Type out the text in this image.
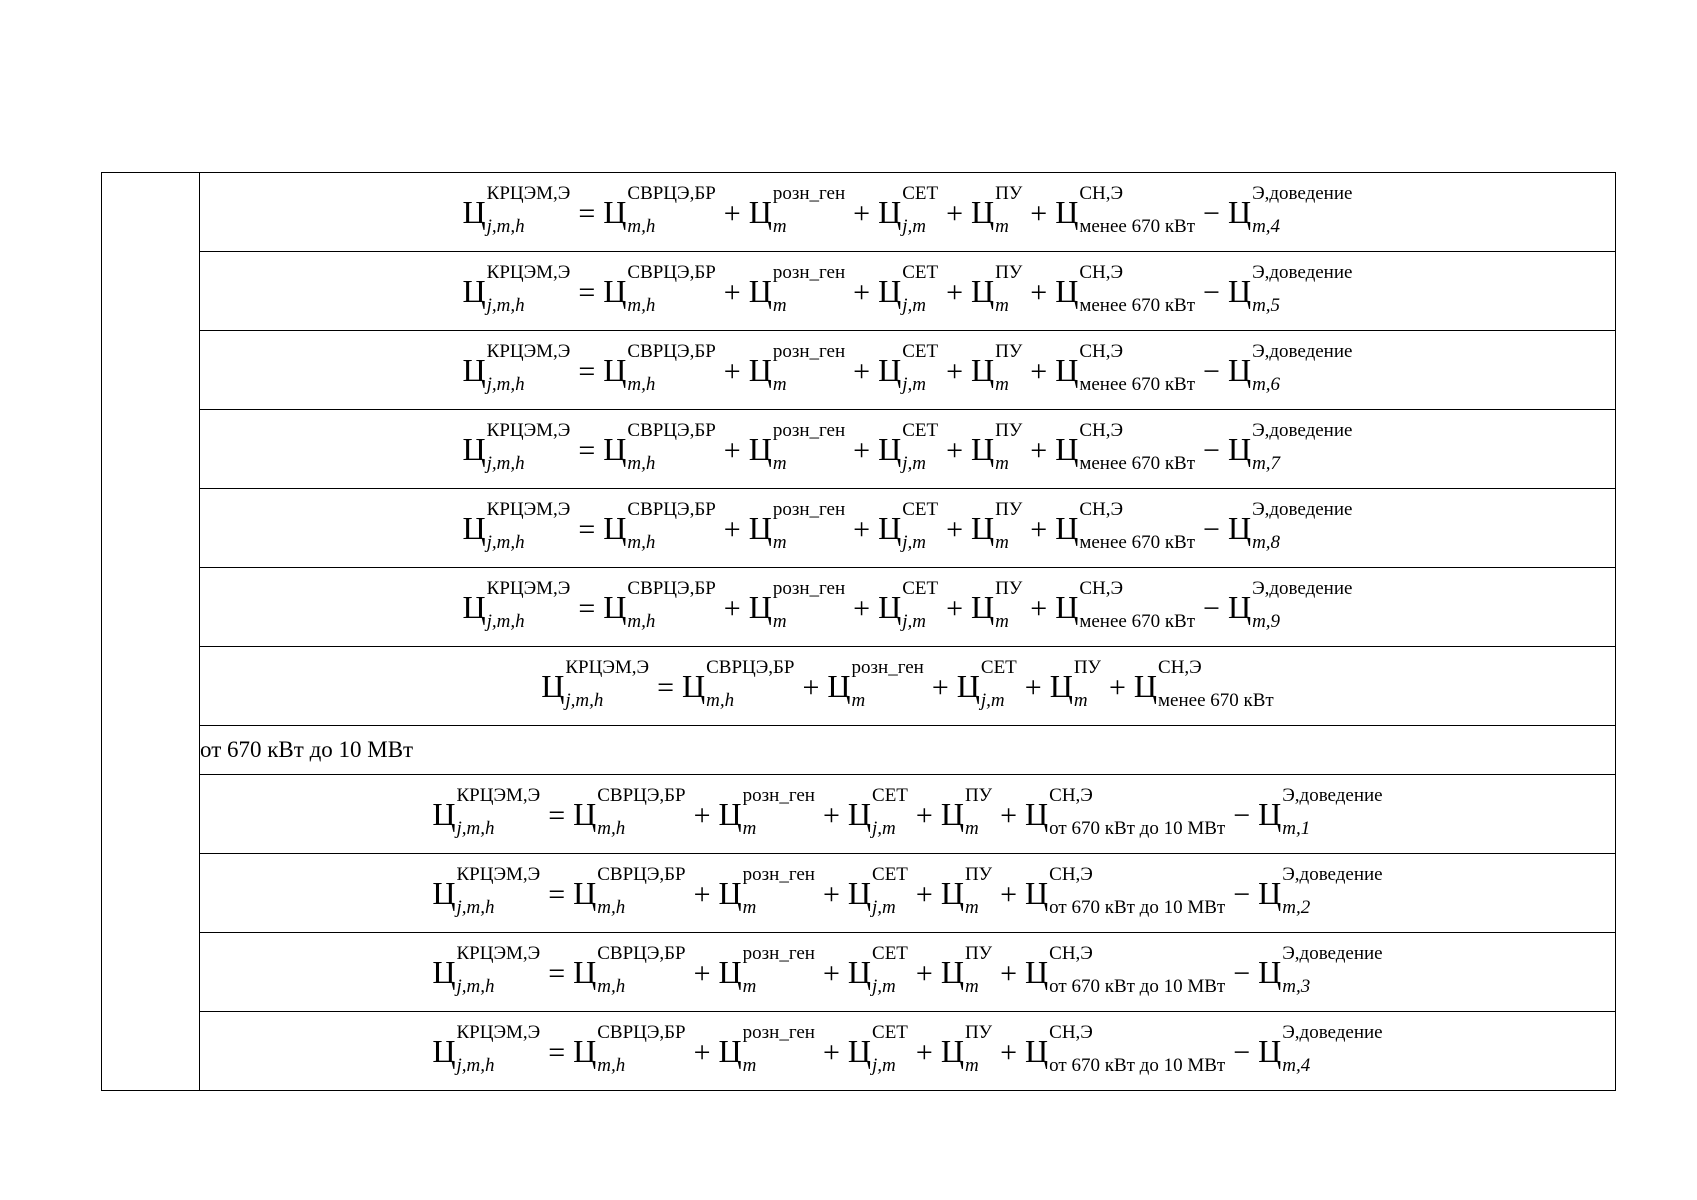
Ц
КРЦЭМ,Э
j,m,h	= Ц
СВРЦЭ,БР
m,h	+ Ц
розн_ген
m	+ Ц
СЕТ
j,m + Ц
ПУ
m + Ц
СН,Э
менее 670 кВт − Ц
Э,доведение
m,4

Ц
КРЦЭМ,Э
j,m,h	= Ц
СВРЦЭ,БР
m,h	+ Ц
розн_ген
m	+ Ц
СЕТ
j,m + Ц
ПУ
m + Ц
СН,Э
менее 670 кВт − Ц
Э,доведение
m,5

Ц
КРЦЭМ,Э
j,m,h	= Ц
СВРЦЭ,БР
m,h	+ Ц
розн_ген
m	+ Ц
СЕТ
j,m + Ц
ПУ
m + Ц
СН,Э
менее 670 кВт − Ц
Э,доведение
m,6

Ц
КРЦЭМ,Э
j,m,h	= Ц
СВРЦЭ,БР
m,h	+ Ц
розн_ген
m	+ Ц
СЕТ
j,m + Ц
ПУ
m + Ц
СН,Э
менее 670 кВт − Ц
Э,доведение
m,7

Ц
КРЦЭМ,Э
j,m,h	= Ц
СВРЦЭ,БР
m,h	+ Ц
розн_ген
m	+ Ц
СЕТ
j,m + Ц
ПУ
m + Ц
СН,Э
менее 670 кВт − Ц
Э,доведение
m,8

Ц
КРЦЭМ,Э
j,m,h	= Ц
СВРЦЭ,БР
m,h	+ Ц
розн_ген
m	+ Ц
СЕТ
j,m + Ц
ПУ
m + Ц
СН,Э
менее 670 кВт − Ц
Э,доведение
m,9

Ц
КРЦЭМ,Э
j,m,h	= Ц
СВРЦЭ,БР
m,h	+ Ц
розн_ген
m	+ Ц
СЕТ
j,m + Ц
ПУ
m + Ц
СН,Э
менее 670 кВт

от 670 кВт до 10 МВт

Ц
КРЦЭМ,Э
j,m,h	= Ц
СВРЦЭ,БР
m,h	+ Ц
розн_ген
m	+ Ц
СЕТ
j,m + Ц
ПУ
m + Ц
СН,Э
от 670 кВт до 10 МВт − Ц
Э,доведение
m,1

Ц
КРЦЭМ,Э
j,m,h	= Ц
СВРЦЭ,БР
m,h	+ Ц
розн_ген
m	+ Ц
СЕТ
j,m + Ц
ПУ
m + Ц
СН,Э
от 670 кВт до 10 МВт − Ц
Э,доведение
m,2

Ц
КРЦЭМ,Э
j,m,h	= Ц
СВРЦЭ,БР
m,h	+ Ц
розн_ген
m	+ Ц
СЕТ
j,m + Ц
ПУ
m + Ц
СН,Э
от 670 кВт до 10 МВт − Ц
Э,доведение
m,3

Ц
КРЦЭМ,Э
j,m,h	= Ц
СВРЦЭ,БР
m,h	+ Ц
розн_ген
m	+ Ц
СЕТ
j,m + Ц
ПУ
m + Ц
СН,Э
от 670 кВт до 10 МВт − Ц
Э,доведение
m,4
